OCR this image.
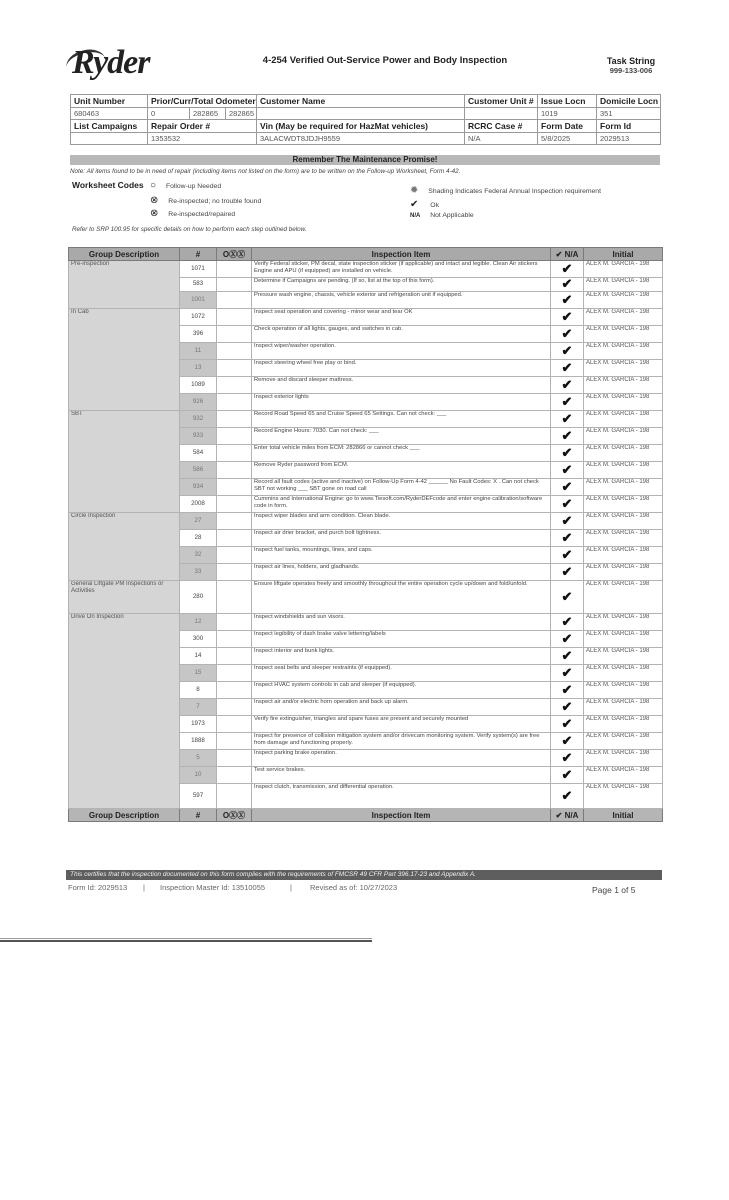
Ryder	4-254 Verified Out-Service Power and Body Inspection	Task String
999-133-006
Unit Number	Prior/Curr/Total Odometer			Customer Name	Customer Unit #	Issue Locn	Domicile Locn
680463	0	282865	282865			1019	351
List Campaigns	Repair Order #			Vin (May be required for HazMat vehicles)	RCRC Case #	Form Date	Form Id
	1353532			3ALACWDT8JDJH9559	N/A	5/8/2025	2029513
Remember The Maintenance Promise!
Note: All items found to be in need of repair (including items not listed on the form) are to be written on the Follow-up Worksheet, Form 4-42.
Worksheet Codes ○ Follow-up Needed
⊗ Re-inspected; no trouble found
⊗ Re-inspected/repaired
✹ Shading Indicates Federal Annual Inspection requirement
✔ Ok
N/A Not Applicable
Refer to SRP 100.95 for specific details on how to perform each step outlined below.
Group Description	#	OⓍⓍ	Inspection Item	✔ N/A	Initial
Pre-inspection	1071		Verify Federal sticker, PM decal, state inspection sticker (if applicable) and intact and legible. Clean Air stickers Engine and APU (if equipped) are installed on vehicle.	✔	ALEX M. GARCIA - 198
	583		Determine if Campaigns are pending. (If so, list at the top of this form).	✔	ALEX M. GARCIA - 198
	1001		Pressure wash engine, chassis, vehicle exterior and refrigeration unit if equipped.	✔	ALEX M. GARCIA - 198
In Cab	1072		Inspect seat operation and covering - minor wear and tear OK	✔	ALEX M. GARCIA - 198
	396		Check operation of all lights, gauges, and switches in cab.	✔	ALEX M. GARCIA - 198
	11		Inspect wiper/washer operation.	✔	ALEX M. GARCIA - 198
	13		Inspect steering wheel free play or bind.	✔	ALEX M. GARCIA - 198
	1089		Remove and discard sleeper mattress.	✔	ALEX M. GARCIA - 198
	926		Inspect exterior lights	✔	ALEX M. GARCIA - 198
SBT	932		Record Road Speed 65 and Cruise Speed 65 Settings. Can not check: ___	✔	ALEX M. GARCIA - 198
	933		Record Engine Hours: 7030. Can not check: ___	✔	ALEX M. GARCIA - 198
	584		Enter total vehicle miles from ECM: 282866 or cannot check ___	✔	ALEX M. GARCIA - 198
	586		Remove Ryder password from ECM.	✔	ALEX M. GARCIA - 198
	934		Record all fault codes (active and inactive) on Follow-Up Form 4-42 ______ No Fault Codes: X . Can not check SBT not working ___ SBT gone on road call	✔	ALEX M. GARCIA - 198
	2008		Cummins and International Engine: go to www.Tiesoft.com/RyderDEFcode and enter engine calibration/software code in form.	✔	ALEX M. GARCIA - 198
Circle Inspection	27		Inspect wiper blades and arm condition. Clean blade.	✔	ALEX M. GARCIA - 198
	28		Inspect air drier bracket, and purch bolt tightness.	✔	ALEX M. GARCIA - 198
	32		Inspect fuel tanks, mountings, lines, and caps.	✔	ALEX M. GARCIA - 198
	33		Inspect air lines, holders, and gladhands.	✔	ALEX M. GARCIA - 198
General Liftgate PM Inspections or Activities	280		Ensure liftgate operates freely and smoothly throughout the entire operation cycle up/down and fold/unfold.	✔	ALEX M. GARCIA - 198
Drive On Inspection	12		Inspect windshields and sun visors.	✔	ALEX M. GARCIA - 198
	300		Inspect legibility of dash brake valve lettering/labels	✔	ALEX M. GARCIA - 198
	14		Inspect interior and bunk lights.	✔	ALEX M. GARCIA - 198
	15		Inspect seat belts and sleeper restraints (if equipped).	✔	ALEX M. GARCIA - 198
	8		Inspect HVAC system controls in cab and sleeper (if equipped).	✔	ALEX M. GARCIA - 198
	7		Inspect air and/or electric horn operation and back up alarm.	✔	ALEX M. GARCIA - 198
	1973		Verify fire extinguisher, triangles and spare fuses are present and securely mounted	✔	ALEX M. GARCIA - 198
	1888		Inspect for presence of collision mitigation system and/or drivecam monitoring system. Verify system(s) are free from damage and functioning properly.	✔	ALEX M. GARCIA - 198
	5		Inspect parking brake operation.	✔	ALEX M. GARCIA - 198
	10		Test service brakes.	✔	ALEX M. GARCIA - 198
	597		Inspect clutch, transmission, and differential operation.	✔	ALEX M. GARCIA - 198
Group Description	#	OⓍⓍ	Inspection Item	✔ N/A	Initial
This certifies that the inspection documented on this form complies with the requirements of FMCSR 49 CFR Part 396.17-23 and Appendix A.
Form Id: 2029513 | Inspection Master Id: 13510055	| Revised as of: 10/27/2023	Page 1 of 5
